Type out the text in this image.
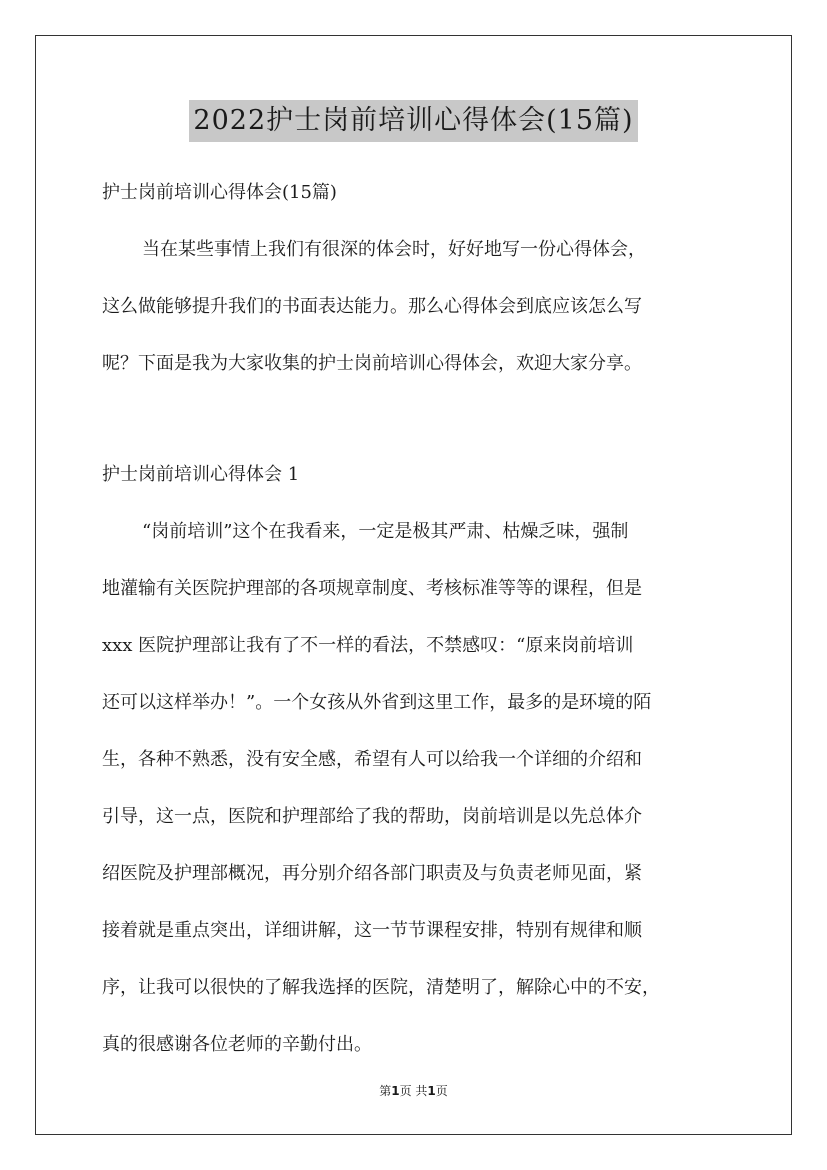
2022护士岗前培训心得体会(15篇)
护士岗前培训心得体会(15篇)
当在某些事情上我们有很深的体会时，好好地写一份心得体会，
这么做能够提升我们的书面表达能力。那么心得体会到底应该怎么写
呢？下面是我为大家收集的护士岗前培训心得体会，欢迎大家分享。
护士岗前培训心得体会 1
“岗前培训”这个在我看来，一定是极其严肃、枯燥乏味，强制
地灌输有关医院护理部的各项规章制度、考核标准等等的课程，但是
xxx 医院护理部让我有了不一样的看法，不禁感叹：“原来岗前培训
还可以这样举办！”。一个女孩从外省到这里工作，最多的是环境的陌
生，各种不熟悉，没有安全感，希望有人可以给我一个详细的介绍和
引导，这一点，医院和护理部给了我的帮助，岗前培训是以先总体介
绍医院及护理部概况，再分别介绍各部门职责及与负责老师见面，紧
接着就是重点突出，详细讲解，这一节节课程安排，特别有规律和顺
序，让我可以很快的了解我选择的医院，清楚明了，解除心中的不安，
真的很感谢各位老师的辛勤付出。
第1页 共1页
